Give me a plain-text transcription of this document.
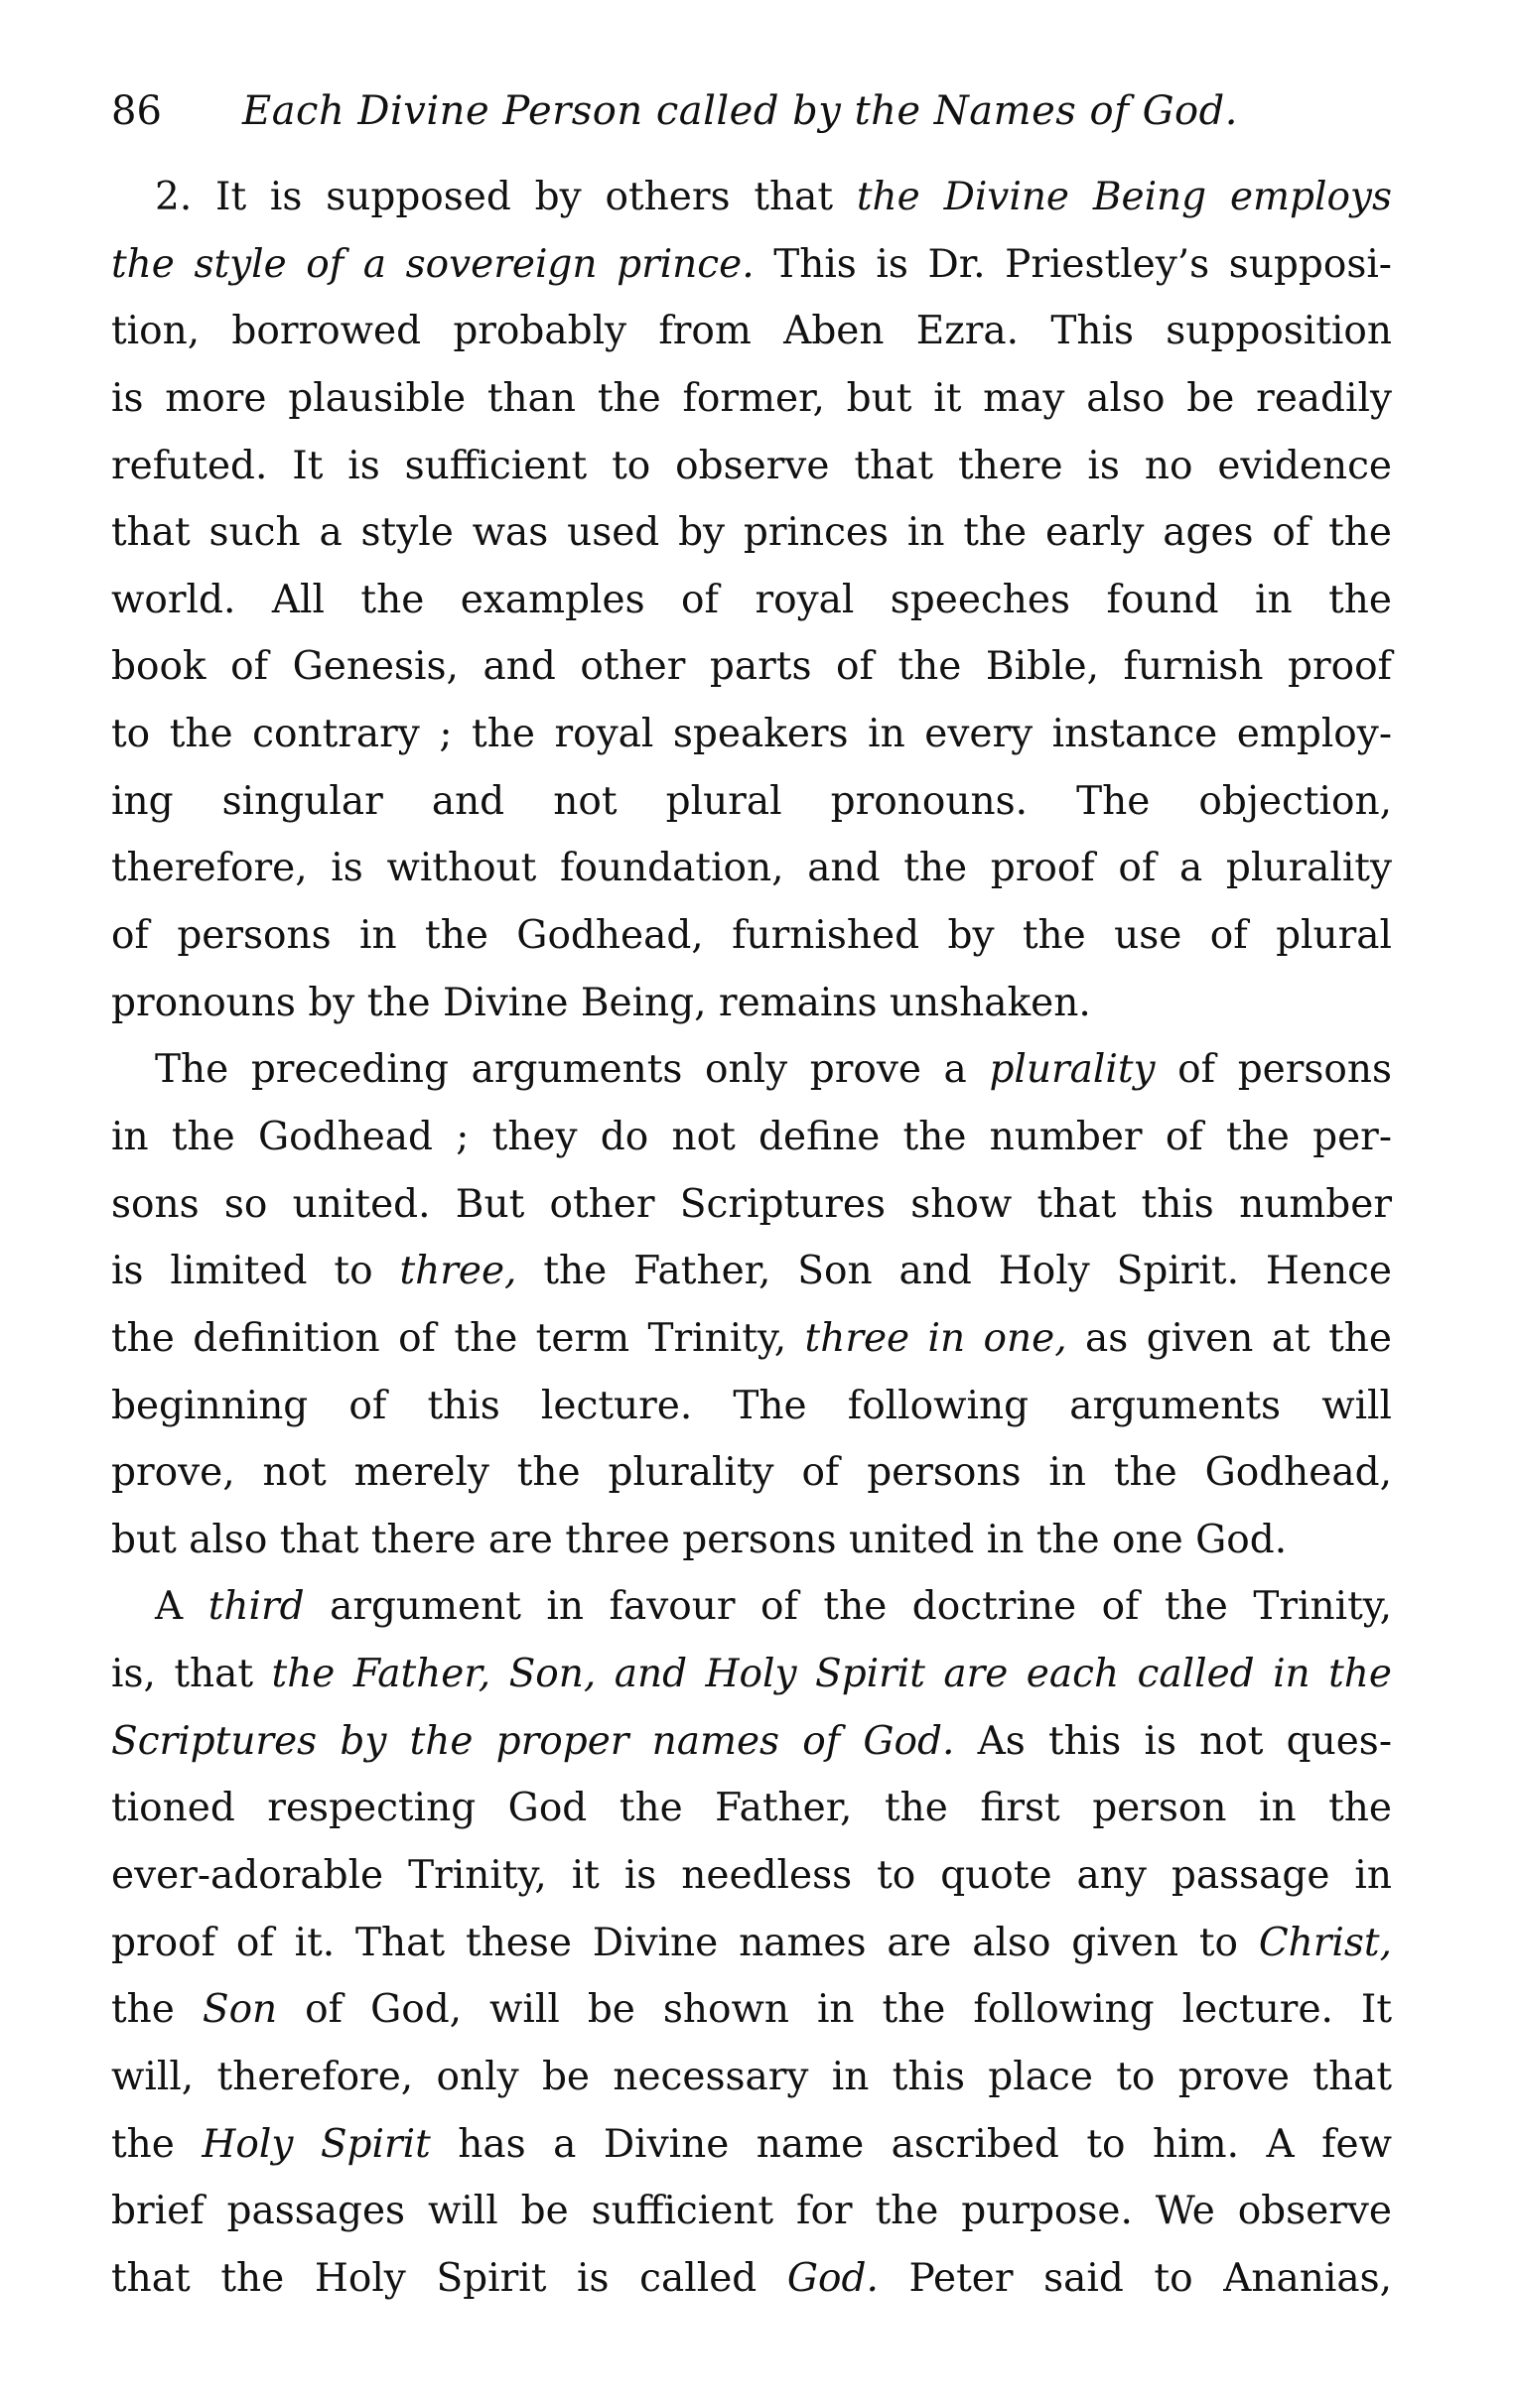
86 Each Divine Person called by the Names of God.
2. It is supposed by others that the Divine Being employs
the style of a sovereign prince. This is Dr. Priestley’s supposi-
tion, borrowed probably from Aben Ezra. This supposition
is more plausible than the former, but it may also be readily
refuted. It is sufficient to observe that there is no evidence
that such a style was used by princes in the early ages of the
world. All the examples of royal speeches found in the
book of Genesis, and other parts of the Bible, furnish proof
to the contrary ; the royal speakers in every instance employ-
ing singular and not plural pronouns. The objection,
therefore, is without foundation, and the proof of a plurality
of persons in the Godhead, furnished by the use of plural
pronouns by the Divine Being, remains unshaken.
The preceding arguments only prove a plurality of persons
in the Godhead ; they do not define the number of the per-
sons so united. But other Scriptures show that this number
is limited to three, the Father, Son and Holy Spirit. Hence
the definition of the term Trinity, three in one, as given at the
beginning of this lecture. The following arguments will
prove, not merely the plurality of persons in the Godhead,
but also that there are three persons united in the one God.
A third argument in favour of the doctrine of the Trinity,
is, that the Father, Son, and Holy Spirit are each called in the
Scriptures by the proper names of God. As this is not ques-
tioned respecting God the Father, the first person in the
ever-adorable Trinity, it is needless to quote any passage in
proof of it. That these Divine names are also given to Christ,
the Son of God, will be shown in the following lecture. It
will, therefore, only be necessary in this place to prove that
the Holy Spirit has a Divine name ascribed to him. A few
brief passages will be sufficient for the purpose. We observe
that the Holy Spirit is called God. Peter said to Ananias,
